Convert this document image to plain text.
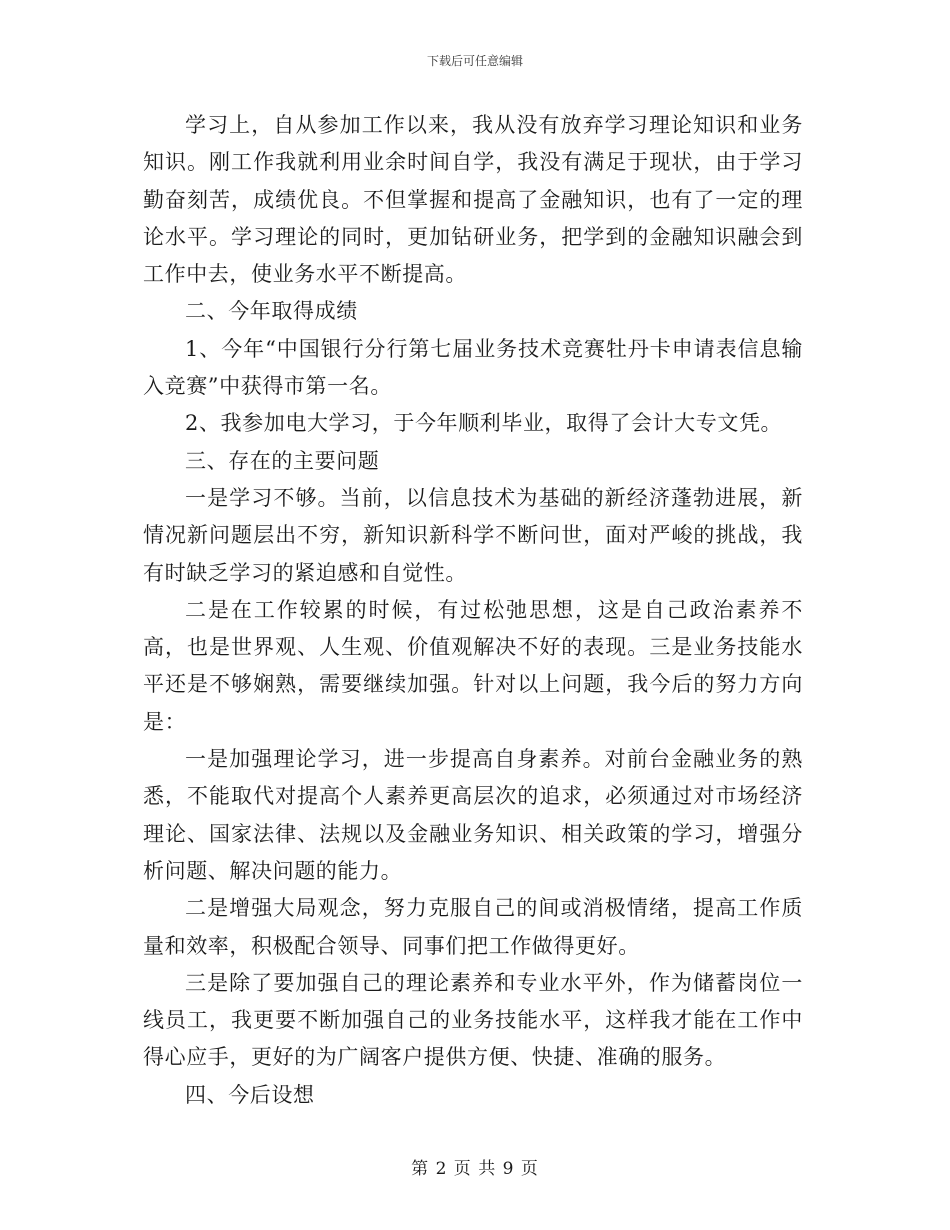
下载后可任意编辑

学习上，自从参加工作以来，我从没有放弃学习理论知识和业务知识。刚工作我就利用业余时间自学，我没有满足于现状，由于学习勤奋刻苦，成绩优良。不但掌握和提高了金融知识，也有了一定的理论水平。学习理论的同时，更加钻研业务，把学到的金融知识融会到工作中去，使业务水平不断提高。

二、今年取得成绩

1、今年“中国银行分行第七届业务技术竞赛牡丹卡申请表信息输入竞赛”中获得市第一名。

2、我参加电大学习，于今年顺利毕业，取得了会计大专文凭。

三、存在的主要问题

一是学习不够。当前，以信息技术为基础的新经济蓬勃进展，新情况新问题层出不穷，新知识新科学不断问世，面对严峻的挑战，我有时缺乏学习的紧迫感和自觉性。

二是在工作较累的时候，有过松弛思想，这是自己政治素养不高，也是世界观、人生观、价值观解决不好的表现。三是业务技能水平还是不够娴熟，需要继续加强。针对以上问题，我今后的努力方向是：

一是加强理论学习，进一步提高自身素养。对前台金融业务的熟悉，不能取代对提高个人素养更高层次的追求，必须通过对市场经济理论、国家法律、法规以及金融业务知识、相关政策的学习，增强分析问题、解决问题的能力。

二是增强大局观念，努力克服自己的间或消极情绪，提高工作质量和效率，积极配合领导、同事们把工作做得更好。

三是除了要加强自己的理论素养和专业水平外，作为储蓄岗位一线员工，我更要不断加强自己的业务技能水平，这样我才能在工作中得心应手，更好的为广阔客户提供方便、快捷、准确的服务。

四、今后设想

第 2 页 共 9 页
